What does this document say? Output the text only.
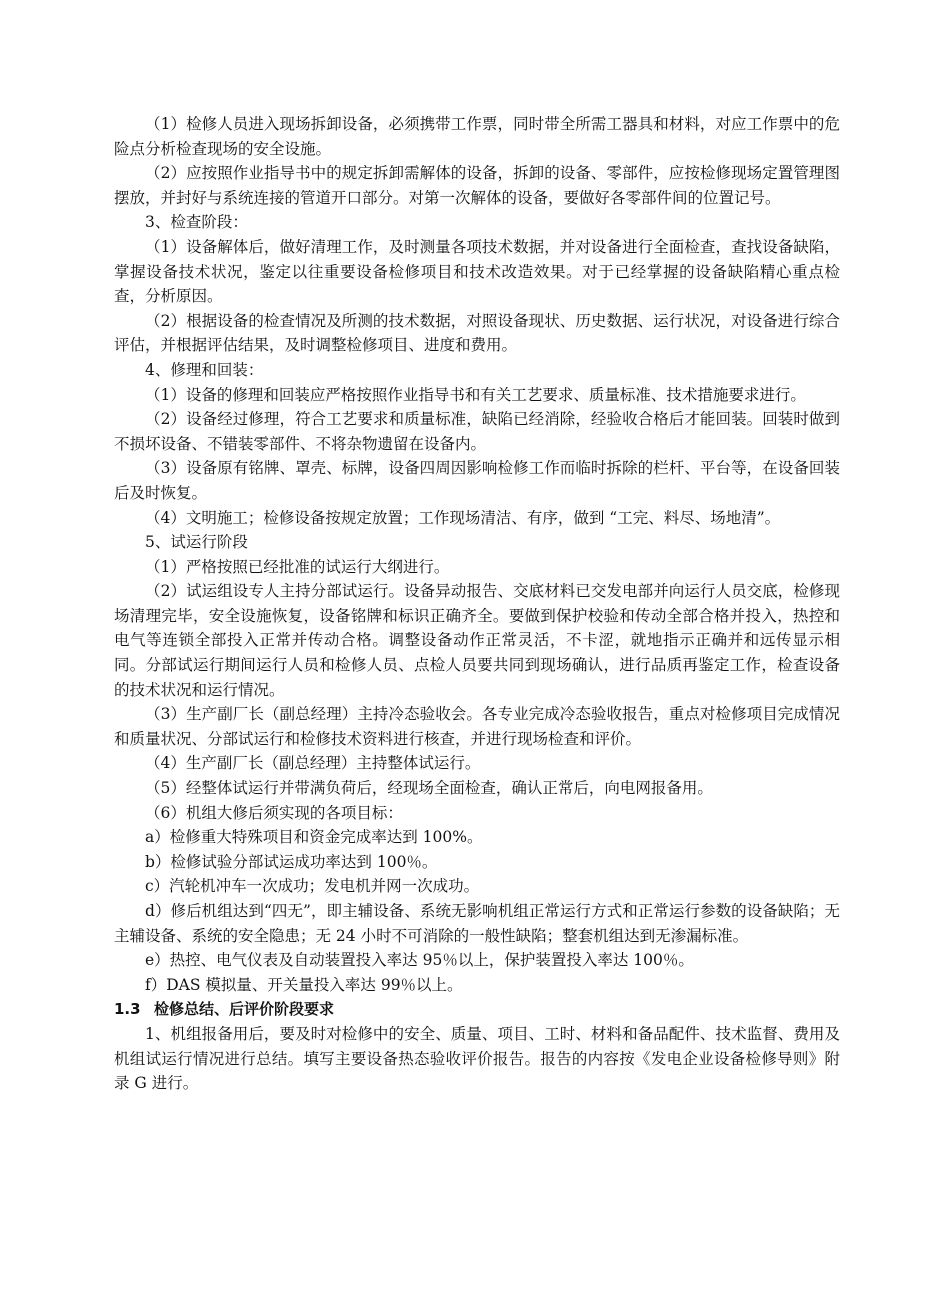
（1）检修人员进入现场拆卸设备，必须携带工作票，同时带全所需工器具和材料，对应工作票中的危险点分析检查现场的安全设施。

（2）应按照作业指导书中的规定拆卸需解体的设备，拆卸的设备、零部件，应按检修现场定置管理图摆放，并封好与系统连接的管道开口部分。对第一次解体的设备，要做好各零部件间的位置记号。

3、检查阶段：

（1）设备解体后，做好清理工作，及时测量各项技术数据，并对设备进行全面检查，查找设备缺陷，掌握设备技术状况，鉴定以往重要设备检修项目和技术改造效果。对于已经掌握的设备缺陷精心重点检查，分析原因。

（2）根据设备的检查情况及所测的技术数据，对照设备现状、历史数据、运行状况，对设备进行综合评估，并根据评估结果，及时调整检修项目、进度和费用。

4、修理和回装：

（1）设备的修理和回装应严格按照作业指导书和有关工艺要求、质量标准、技术措施要求进行。

（2）设备经过修理，符合工艺要求和质量标准，缺陷已经消除，经验收合格后才能回装。回装时做到不损坏设备、不错装零部件、不将杂物遗留在设备内。

（3）设备原有铭牌、罩壳、标牌，设备四周因影响检修工作而临时拆除的栏杆、平台等，在设备回装后及时恢复。

（4）文明施工；检修设备按规定放置；工作现场清洁、有序，做到 “工完、料尽、场地清”。

5、试运行阶段

（1）严格按照已经批准的试运行大纲进行。

（2）试运组设专人主持分部试运行。设备异动报告、交底材料已交发电部并向运行人员交底，检修现场清理完毕，安全设施恢复，设备铭牌和标识正确齐全。要做到保护校验和传动全部合格并投入，热控和电气等连锁全部投入正常并传动合格。调整设备动作正常灵活，不卡涩，就地指示正确并和远传显示相同。分部试运行期间运行人员和检修人员、点检人员要共同到现场确认，进行品质再鉴定工作，检查设备的技术状况和运行情况。

（3）生产副厂长（副总经理）主持冷态验收会。各专业完成冷态验收报告，重点对检修项目完成情况和质量状况、分部试运行和检修技术资料进行核查，并进行现场检查和评价。

（4）生产副厂长（副总经理）主持整体试运行。

（5）经整体试运行并带满负荷后，经现场全面检查，确认正常后，向电网报备用。

（6）机组大修后须实现的各项目标：

a）检修重大特殊项目和资金完成率达到 100%。

b）检修试验分部试运成功率达到 100％。

c）汽轮机冲车一次成功；发电机并网一次成功。

d）修后机组达到“四无”，即主辅设备、系统无影响机组正常运行方式和正常运行参数的设备缺陷；无主辅设备、系统的安全隐患；无 24 小时不可消除的一般性缺陷；整套机组达到无渗漏标准。

e）热控、电气仪表及自动装置投入率达 95％以上，保护装置投入率达 100％。

f）DAS 模拟量、开关量投入率达 99％以上。

1.3 检修总结、后评价阶段要求

1、机组报备用后，要及时对检修中的安全、质量、项目、工时、材料和备品配件、技术监督、费用及机组试运行情况进行总结。填写主要设备热态验收评价报告。报告的内容按《发电企业设备检修导则》附录 G 进行。
